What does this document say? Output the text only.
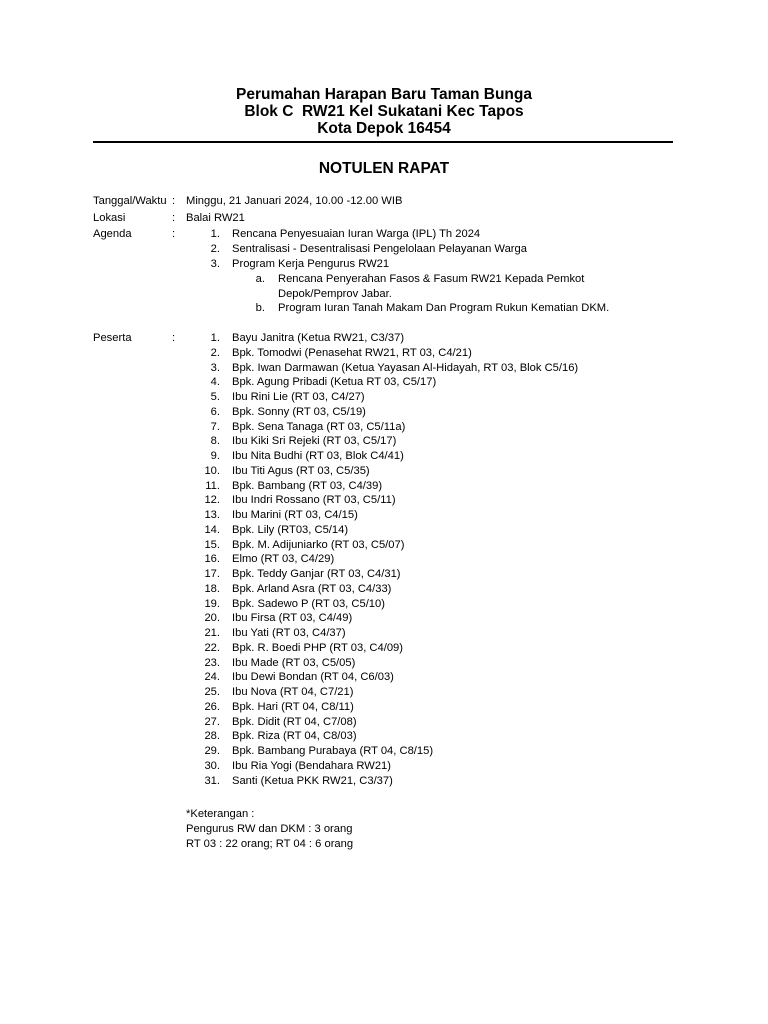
Perumahan Harapan Baru Taman Bunga
Blok C  RW21 Kel Sukatani Kec Tapos
Kota Depok 16454
NOTULEN RAPAT
Tanggal/Waktu : Minggu, 21 Januari 2024, 10.00 -12.00 WIB
Lokasi	: Balai RW21
Agenda	:	1. Rencana Penyesuaian Iuran Warga (IPL) Th 2024
2. Sentralisasi - Desentralisasi Pengelolaan Pelayanan Warga
3. Program Kerja Pengurus RW21
a. Rencana Penyerahan Fasos & Fasum RW21 Kepada Pemkot
Depok/Pemprov Jabar.
b. Program Iuran Tanah Makam Dan Program Rukun Kematian DKM.
Peserta	:	1. Bayu Janitra (Ketua RW21, C3/37)
2. Bpk. Tomodwi (Penasehat RW21, RT 03, C4/21)
3. Bpk. Iwan Darmawan (Ketua Yayasan Al-Hidayah, RT 03, Blok C5/16)
4. Bpk. Agung Pribadi (Ketua RT 03, C5/17)
5. Ibu Rini Lie (RT 03, C4/27)
6. Bpk. Sonny (RT 03, C5/19)
7. Bpk. Sena Tanaga (RT 03, C5/11a)
8. Ibu Kiki Sri Rejeki (RT 03, C5/17)
9. Ibu Nita Budhi (RT 03, Blok C4/41)
10. Ibu Titi Agus (RT 03, C5/35)
11. Bpk. Bambang (RT 03, C4/39)
12. Ibu Indri Rossano (RT 03, C5/11)
13. Ibu Marini (RT 03, C4/15)
14. Bpk. Lily (RT03, C5/14)
15. Bpk. M. Adijuniarko (RT 03, C5/07)
16. Elmo (RT 03, C4/29)
17. Bpk. Teddy Ganjar (RT 03, C4/31)
18. Bpk. Arland Asra (RT 03, C4/33)
19. Bpk. Sadewo P (RT 03, C5/10)
20. Ibu Firsa (RT 03, C4/49)
21. Ibu Yati (RT 03, C4/37)
22. Bpk. R. Boedi PHP (RT 03, C4/09)
23. Ibu Made (RT 03, C5/05)
24. Ibu Dewi Bondan (RT 04, C6/03)
25. Ibu Nova (RT 04, C7/21)
26. Bpk. Hari (RT 04, C8/11)
27. Bpk. Didit (RT 04, C7/08)
28. Bpk. Riza (RT 04, C8/03)
29. Bpk. Bambang Purabaya (RT 04, C8/15)
30. Ibu Ria Yogi (Bendahara RW21)
31. Santi (Ketua PKK RW21, C3/37)
*Keterangan :
Pengurus RW dan DKM : 3 orang
RT 03 : 22 orang; RT 04 : 6 orang
